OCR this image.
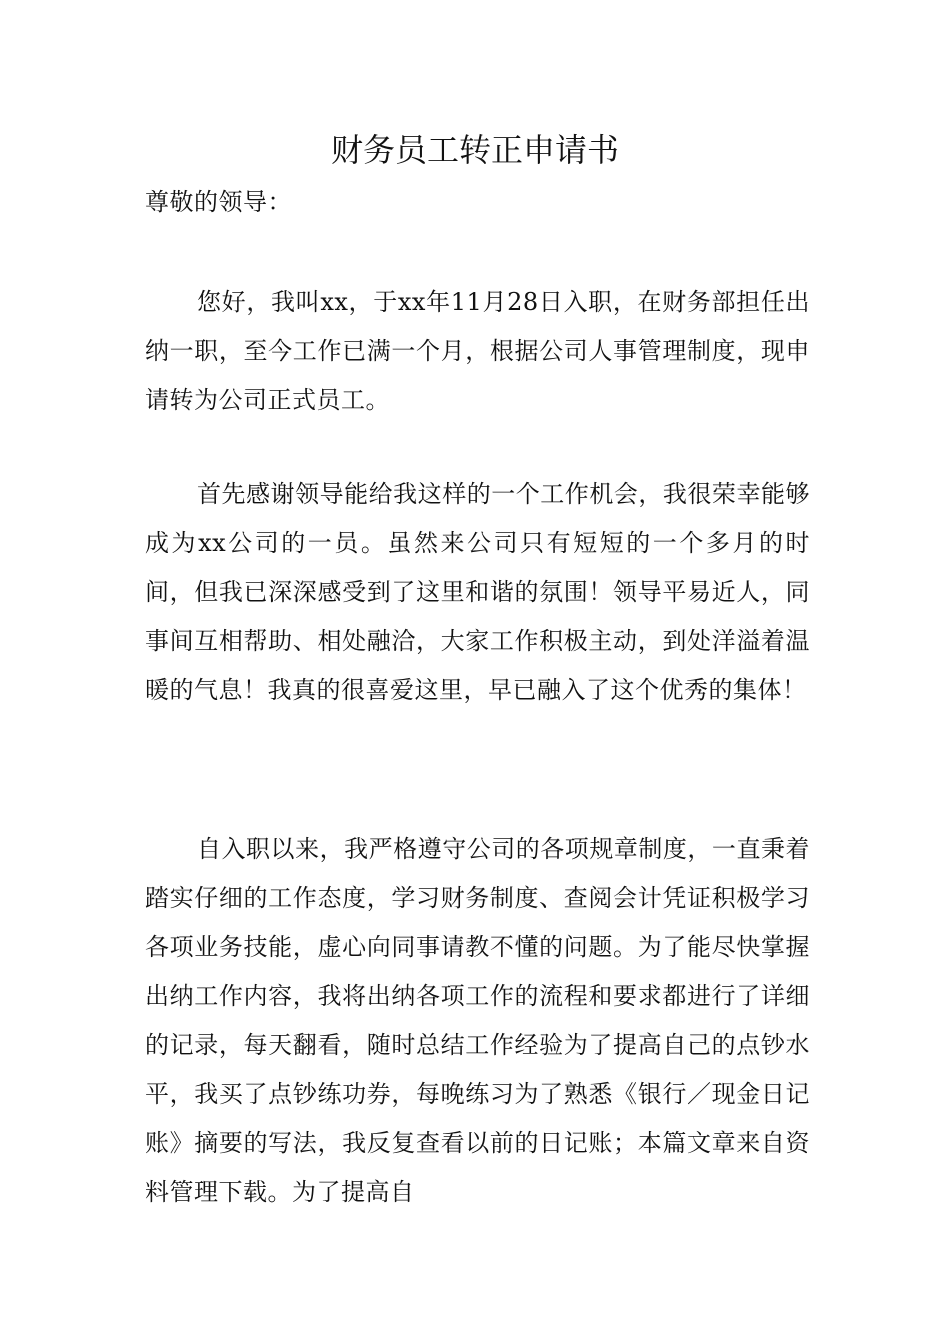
财务员工转正申请书
尊敬的领导：

您好，我叫xx，于xx年11月28日入职，在财务部担任出纳一职，至今工作已满一个月，根据公司人事管理制度，现申请转为公司正式员工。

首先感谢领导能给我这样的一个工作机会，我很荣幸能够成为xx公司的一员。虽然来公司只有短短的一个多月的时间，但我已深深感受到了这里和谐的氛围！领导平易近人，同事间互相帮助、相处融洽，大家工作积极主动，到处洋溢着温暖的气息！我真的很喜爱这里，早已融入了这个优秀的集体！

自入职以来，我严格遵守公司的各项规章制度，一直秉着踏实仔细的工作态度，学习财务制度、查阅会计凭证积极学习各项业务技能，虚心向同事请教不懂的问题。为了能尽快掌握出纳工作内容，我将出纳各项工作的流程和要求都进行了详细的记录，每天翻看，随时总结工作经验为了提高自己的点钞水平，我买了点钞练功券，每晚练习为了熟悉《银行／现金日记账》摘要的写法，我反复查看以前的日记账；本篇文章来自资料管理下载。为了提高自
